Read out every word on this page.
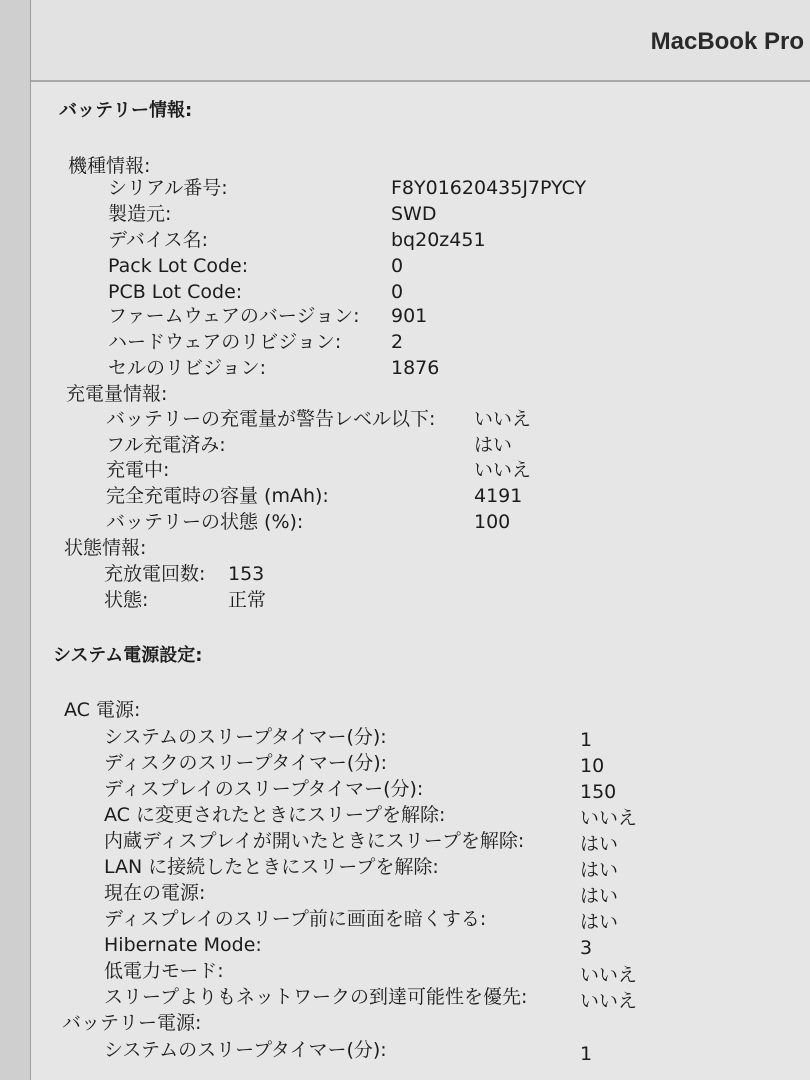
MacBook Pro
バッテリー情報:
機種情報:
シリアル番号:	F8Y01620435J7PYCY
製造元:	SWD
デバイス名:	bq20z451
Pack Lot Code:	0
PCB Lot Code:	0
ファームウェアのバージョン: 901
ハードウェアのリビジョン:	2
セルのリビジョン:	1876
充電量情報:
バッテリーの充電量が警告レベル以下: いいえ
フル充電済み:	はい
充電中:	いいえ
完全充電時の容量 (mAh):	4191
バッテリーの状態 (%):	100
状態情報:
充放電回数: 153
状態:	正常
システム電源設定:
AC 電源:
システムのスリープタイマー(分):	1
ディスクのスリープタイマー(分):	10
ディスプレイのスリープタイマー(分):	150
AC に変更されたときにスリープを解除:	いいえ
内蔵ディスプレイが開いたときにスリープを解除:	はい
LAN に接続したときにスリープを解除:	はい
現在の電源:	はい
ディスプレイのスリープ前に画面を暗くする:	はい
Hibernate Mode:	3
低電力モード:	いいえ
スリープよりもネットワークの到達可能性を優先:	いいえ
バッテリー電源:
システムのスリープタイマー(分):	1
